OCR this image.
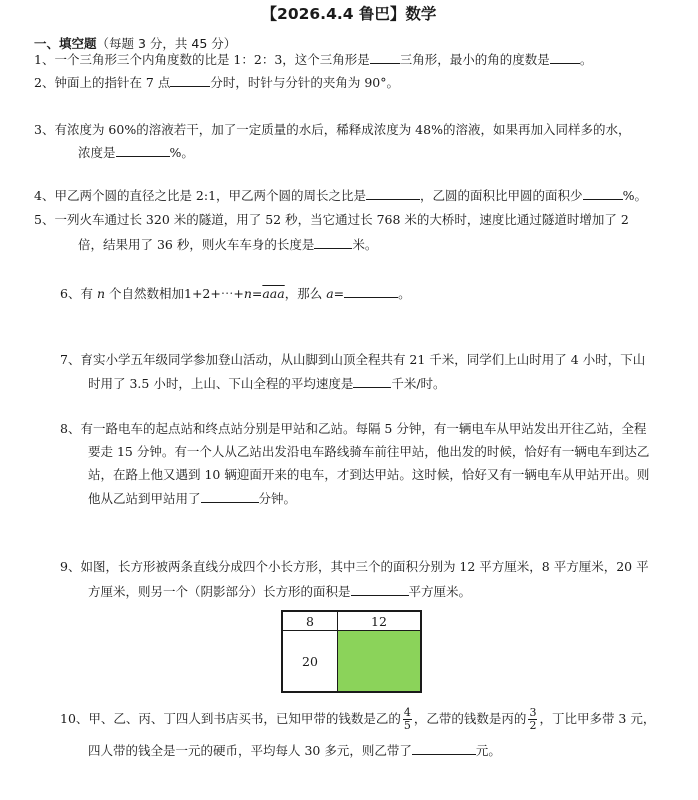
【2026.4.4 鲁巴】数学
一、填空题（每题 3 分，共 45 分）
1、一个三角形三个内角度数的比是 1：2：3，这个三角形是 三角形，最小的角的度数是 。
2、钟面上的指针在 7 点	分时，时针与分针的夹角为 90°。
3、有浓度为 60%的溶液若干，加了一定质量的水后，稀释成浓度为 48%的溶液，如果再加入同样多的水，
浓度是	%。
4、甲乙两个圆的直径之比是 2:1，甲乙两个圆的周长之比是	，乙圆的面积比甲圆的面积少	%。
5、一列火车通过长 320 米的隧道，用了 52 秒，当它通过长 768 米的大桥时，速度比通过隧道时增加了 2
倍，结果用了 36 秒，则火车车身的长度是	米。
6、有 n 个自然数相加$1+2+\cdots+n=\overline{aaa}$，那么 a=	。
7、育实小学五年级同学参加登山活动，从山脚到山顶全程共有 21 千米，同学们上山时用了 4 小时，下山
时用了 3.5 小时，上山、下山全程的平均速度是	千米/时。
8、有一路电车的起点站和终点站分别是甲站和乙站。每隔 5 分钟，有一辆电车从甲站发出开往乙站，全程
要走 15 分钟。有一个人从乙站出发沿电车路线骑车前往甲站，他出发的时候，恰好有一辆电车到达乙
站，在路上他又遇到 10 辆迎面开来的电车，才到达甲站。这时候，恰好又有一辆电车从甲站开出。则
他从乙站到甲站用了	分钟。
9、如图，长方形被两条直线分成四个小长方形，其中三个的面积分别为 12 平方厘米，8 平方厘米，20 平
方厘米，则另一个（阴影部分）长方形的面积是	平方厘米。
8	12
20	
10、甲、乙、丙、丁四人到书店买书，已知甲带的钱数是乙的 $\frac{4}{5}$ ，乙带的钱数是丙的 $\frac{3}{2}$ ，丁比甲多带 3 元，
四人带的钱全是一元的硬币，平均每人 30 多元，则乙带了	元。
